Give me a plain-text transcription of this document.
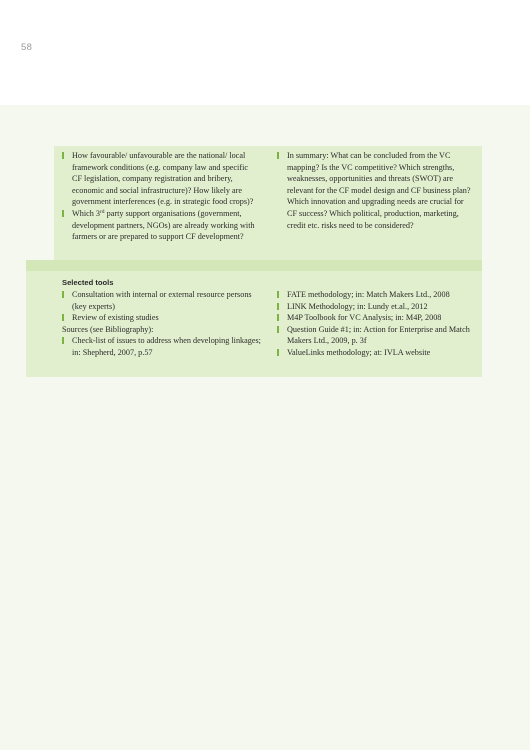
58
How favourable/ unfavourable are the national/ local framework conditions (e.g. company law and specific CF legislation, company registration and bribery, economic and social infrastructure)? How likely are government interferences (e.g. in strategic food crops)?
Which 3rd party support organisations (government, development partners, NGOs) are already working with farmers or are prepared to support CF development?
In summary: What can be concluded from the VC mapping? Is the VC competitive? Which strengths, weaknesses, opportunities and threats (SWOT) are relevant for the CF model design and CF business plan? Which innovation and upgrading needs are crucial for CF success? Which political, production, marketing, credit etc. risks need to be considered?
Selected tools
Consultation with internal or external resource persons (key experts)
Review of existing studies
Sources (see Bibliography):
Check-list of issues to address when developing linkages; in: Shepherd, 2007, p.57
FATE methodology; in: Match Makers Ltd., 2008
LINK Methodology; in: Lundy et.al., 2012
M4P Toolbook for VC Analysis; in: M4P, 2008
Question Guide #1; in: Action for Enterprise and Match Makers Ltd., 2009, p. 3f
ValueLinks methodology; at: IVLA website
